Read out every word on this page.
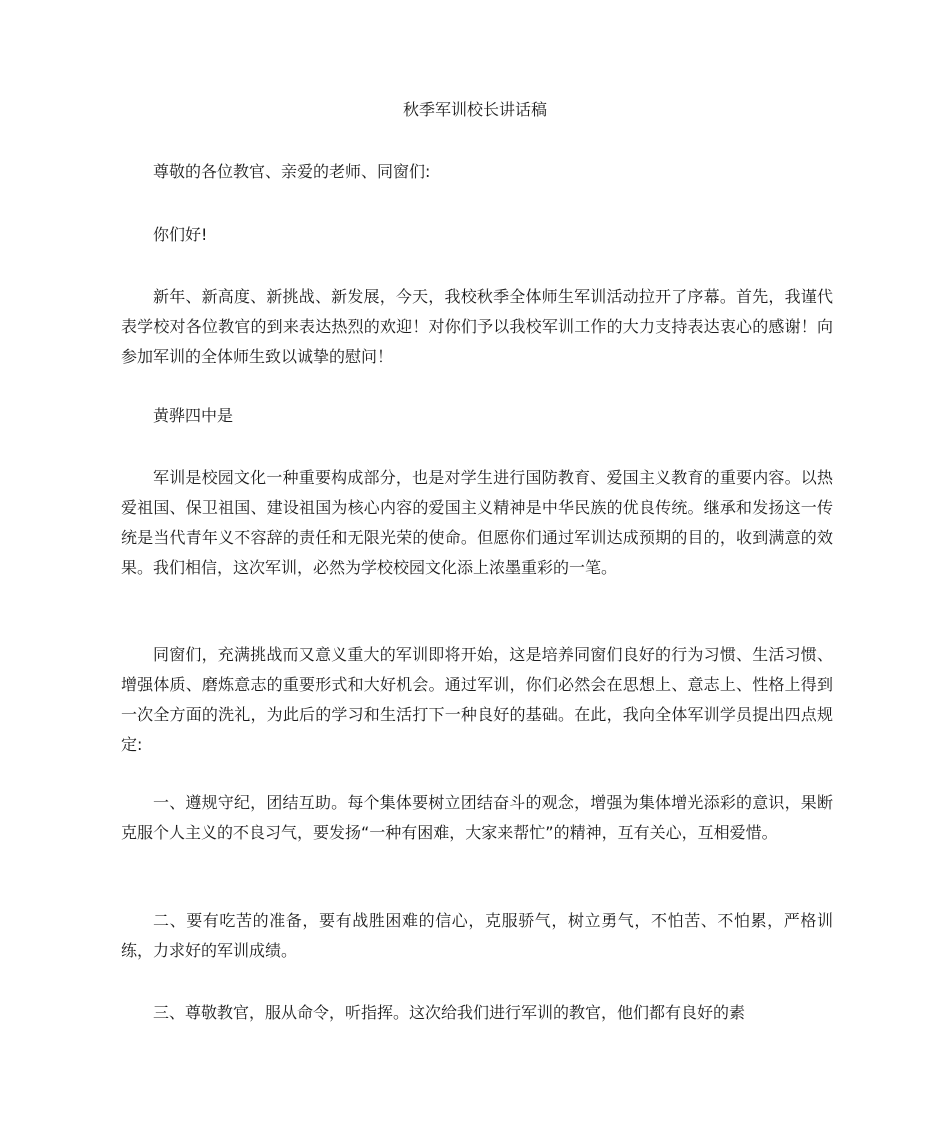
秋季军训校长讲话稿

尊敬的各位教官、亲爱的老师、同窗们:

你们好!

新年、新高度、新挑战、新发展，今天，我校秋季全体师生军训活动拉开了序幕。首先，我谨代表学校对各位教官的到来表达热烈的欢迎！对你们予以我校军训工作的大力支持表达衷心的感谢！向参加军训的全体师生致以诚挚的慰问！

黄骅四中是

军训是校园文化一种重要构成部分，也是对学生进行国防教育、爱国主义教育的重要内容。以热爱祖国、保卫祖国、建设祖国为核心内容的爱国主义精神是中华民族的优良传统。继承和发扬这一传统是当代青年义不容辞的责任和无限光荣的使命。但愿你们通过军训达成预期的目的，收到满意的效果。我们相信，这次军训，必然为学校校园文化添上浓墨重彩的一笔。

同窗们，充满挑战而又意义重大的军训即将开始，这是培养同窗们良好的行为习惯、生活习惯、增强体质、磨炼意志的重要形式和大好机会。通过军训，你们必然会在思想上、意志上、性格上得到一次全方面的洗礼，为此后的学习和生活打下一种良好的基础。在此，我向全体军训学员提出四点规定:

一、遵规守纪，团结互助。每个集体要树立团结奋斗的观念，增强为集体增光添彩的意识，果断克服个人主义的不良习气，要发扬“一种有困难，大家来帮忙”的精神，互有关心，互相爱惜。

二、要有吃苦的准备，要有战胜困难的信心，克服骄气，树立勇气，不怕苦、不怕累，严格训练，力求好的军训成绩。

三、尊敬教官，服从命令，听指挥。这次给我们进行军训的教官，他们都有良好的素
